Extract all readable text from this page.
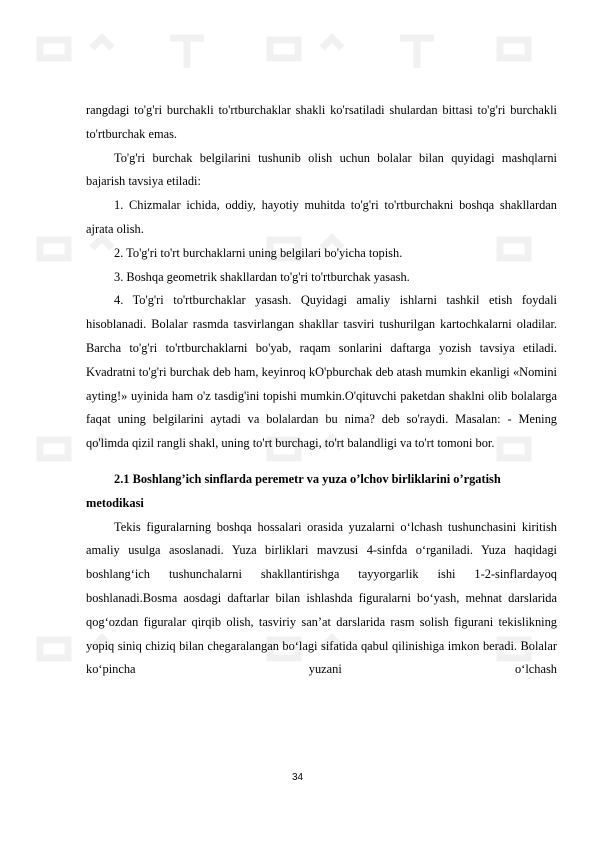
rangdagi to'g'ri burchakli to'rtburchaklar shakli ko'rsatiladi shulardan bittasi to'g'ri burchakli to'rtburchak emas.

To'g'ri burchak belgilarini tushunib olish uchun bolalar bilan quyidagi mashqlarni bajarish tavsiya etiladi:

1. Chizmalar ichida, oddiy, hayotiy muhitda to'g'ri to'rtburchakni boshqa shakllardan ajrata olish.

2. To'g'ri to'rt burchaklarni uning belgilari bo'yicha topish.

3. Boshqa geometrik shakllardan to'g'ri to'rtburchak yasash.

4. To'g'ri to'rtburchaklar yasash. Quyidagi amaliy ishlarni tashkil etish foydali hisoblanadi. Bolalar rasmda tasvirlangan shakllar tasviri tushurilgan kartochkalarni oladilar. Barcha to'g'ri to'rtburchaklarni bo'yab, raqam sonlarini daftarga yozish tavsiya etiladi. Kvadratni to'g'ri burchak deb ham, keyinroq kO'pburchak deb atash mumkin ekanligi «Nomini ayting!» uyinida ham o'z tasdig'ini topishi mumkin.O'qituvchi paketdan shaklni olib bolalarga faqat uning belgilarini aytadi va bolalardan bu nima? deb so'raydi. Masalan: - Mening qo'limda qizil rangli shakl, uning to'rt burchagi, to'rt balandligi va to'rt tomoni bor.

2.1 Boshlang’ich sinflarda peremetr va yuza o’lchov birliklarini o’rgatish metodikasi

Tekis figuralarning boshqa hossalari orasida yuzalarni o‘lchash tushunchasini kiritish amaliy usulga asoslanadi. Yuza birliklari mavzusi 4-sinfda o‘rganiladi. Yuza haqidagi boshlang‘ich tushunchalarni shakllantirishga tayyorgarlik ishi 1-2-sinflardayoq boshlanadi.Bosma aosdagi daftarlar bilan ishlashda figuralarni bo‘yash, mehnat darslarida qog‘ozdan figuralar qirqib olish, tasviriy san’at darslarida rasm solish figurani tekislikning yopiq siniq chiziq bilan chegaralangan bo‘lagi sifatida qabul qilinishiga imkon beradi. Bolalar ko‘pincha yuzani o‘lchash

34
